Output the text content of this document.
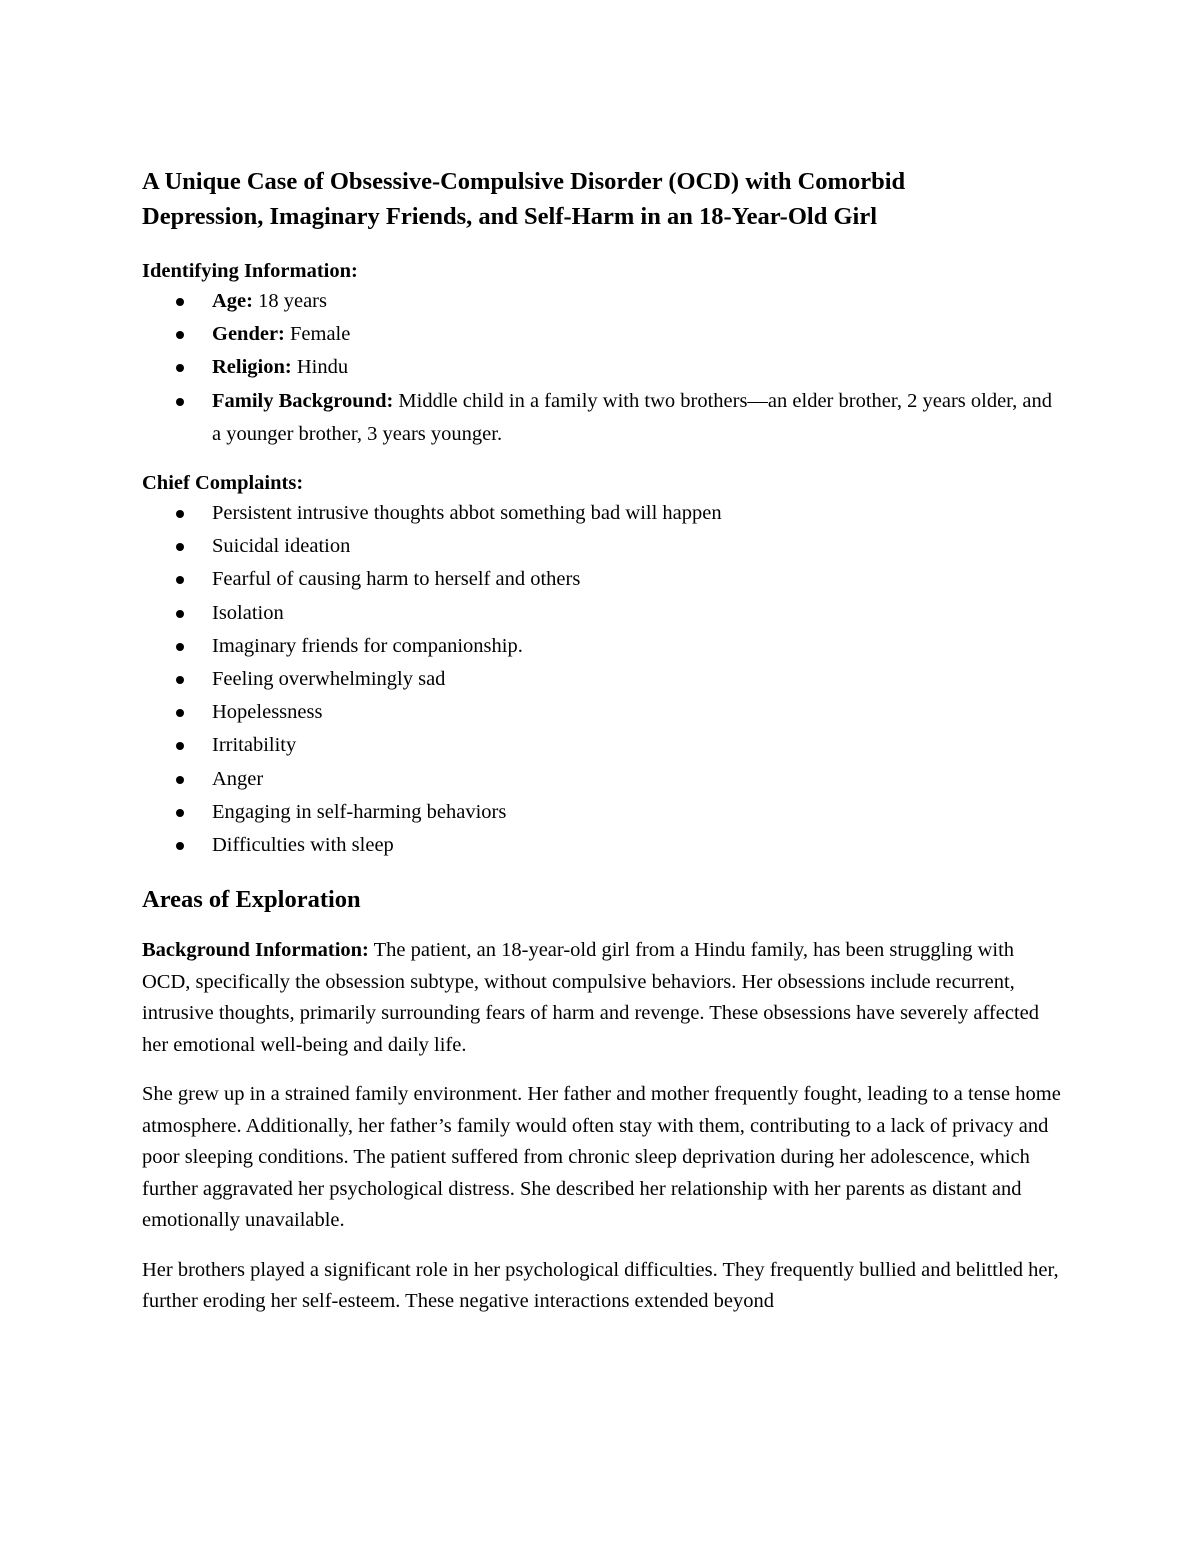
A Unique Case of Obsessive-Compulsive Disorder (OCD) with Comorbid
Depression, Imaginary Friends, and Self-Harm in an 18-Year-Old Girl

Identifying Information:

Age: 18 years
Gender: Female
Religion: Hindu
Family Background: Middle child in a family with two brothers—an elder brother, 2 years older, and a younger brother, 3 years younger.

Chief Complaints:

Persistent intrusive thoughts abbot something bad will happen
Suicidal ideation
Fearful of causing harm to herself and others
Isolation
Imaginary friends for companionship.
Feeling overwhelmingly sad
Hopelessness
Irritability
Anger
Engaging in self-harming behaviors
Difficulties with sleep
Areas of Exploration

Background Information: The patient, an 18-year-old girl from a Hindu family, has been struggling with OCD, specifically the obsession subtype, without compulsive behaviors. Her obsessions include recurrent, intrusive thoughts, primarily surrounding fears of harm and revenge. These obsessions have severely affected her emotional well-being and daily life.

She grew up in a strained family environment. Her father and mother frequently fought, leading to a tense home atmosphere. Additionally, her father’s family would often stay with them, contributing to a lack of privacy and poor sleeping conditions. The patient suffered from chronic sleep deprivation during her adolescence, which further aggravated her psychological distress. She described her relationship with her parents as distant and emotionally unavailable.

Her brothers played a significant role in her psychological difficulties. They frequently bullied and belittled her, further eroding her self-esteem. These negative interactions extended beyond
